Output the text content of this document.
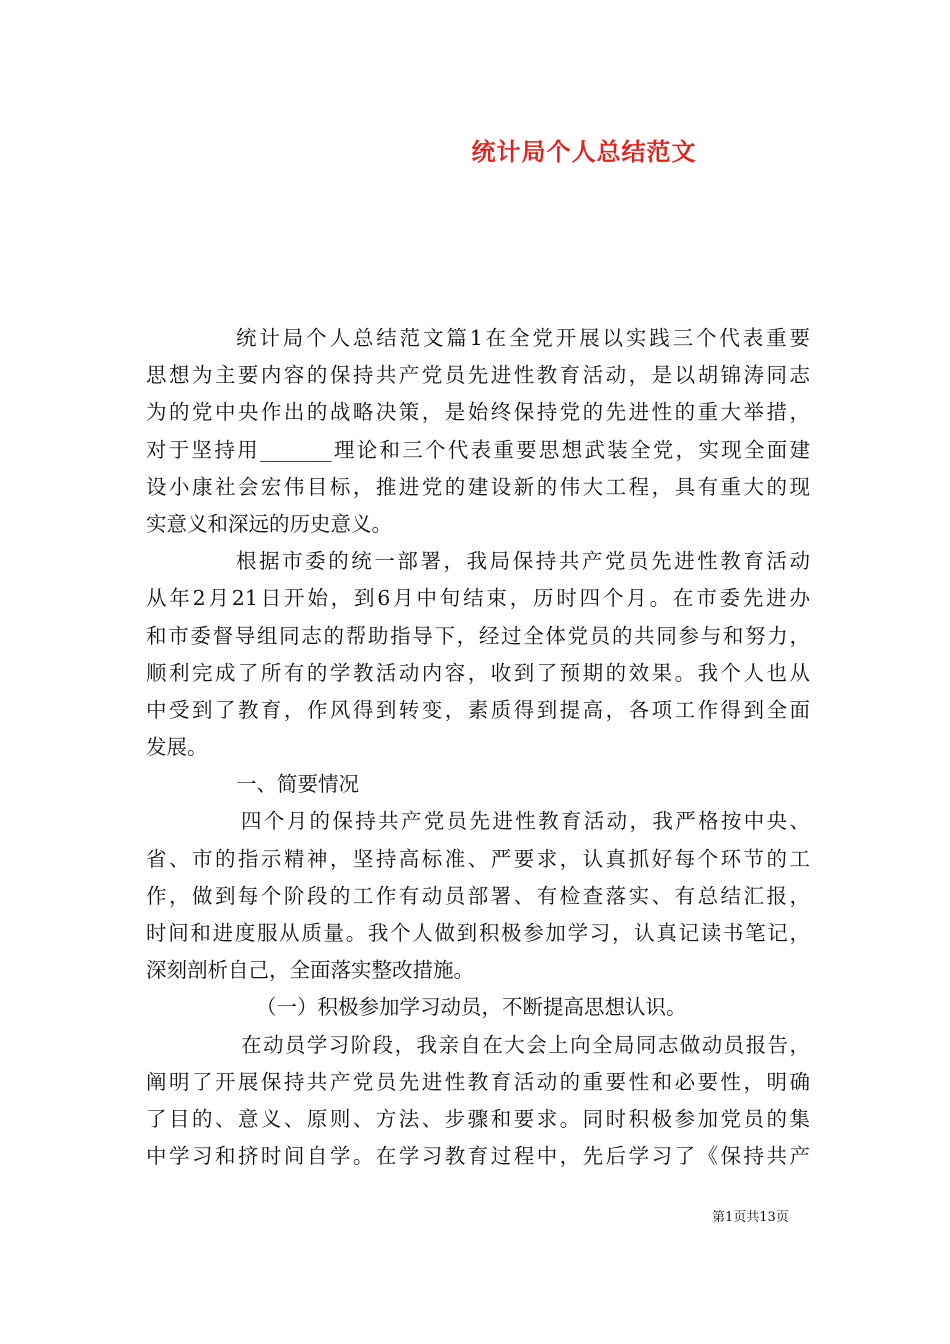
统计局个人总结范文

统计局个人总结范文篇1在全党开展以实践三个代表重要

思想为主要内容的保持共产党员先进性教育活动，是以胡锦涛同志

为的党中央作出的战略决策，是始终保持党的先进性的重大举措，

对于坚持用_______理论和三个代表重要思想武装全党，实现全面建

设小康社会宏伟目标，推进党的建设新的伟大工程，具有重大的现

实意义和深远的历史意义。

根据市委的统一部署，我局保持共产党员先进性教育活动

从年2月21日开始，到6月中旬结束，历时四个月。在市委先进办

和市委督导组同志的帮助指导下，经过全体党员的共同参与和努力，

顺利完成了所有的学教活动内容，收到了预期的效果。我个人也从

中受到了教育，作风得到转变，素质得到提高，各项工作得到全面

发展。

一、简要情况

四个月的保持共产党员先进性教育活动，我严格按中央、

省、市的指示精神，坚持高标准、严要求，认真抓好每个环节的工

作，做到每个阶段的工作有动员部署、有检查落实、有总结汇报，

时间和进度服从质量。我个人做到积极参加学习，认真记读书笔记，

深刻剖析自己，全面落实整改措施。

（一）积极参加学习动员，不断提高思想认识。

在动员学习阶段，我亲自在大会上向全局同志做动员报告，

阐明了开展保持共产党员先进性教育活动的重要性和必要性，明确

了目的、意义、原则、方法、步骤和要求。同时积极参加党员的集

中学习和挤时间自学。在学习教育过程中，先后学习了《保持共产

第1页共13页
